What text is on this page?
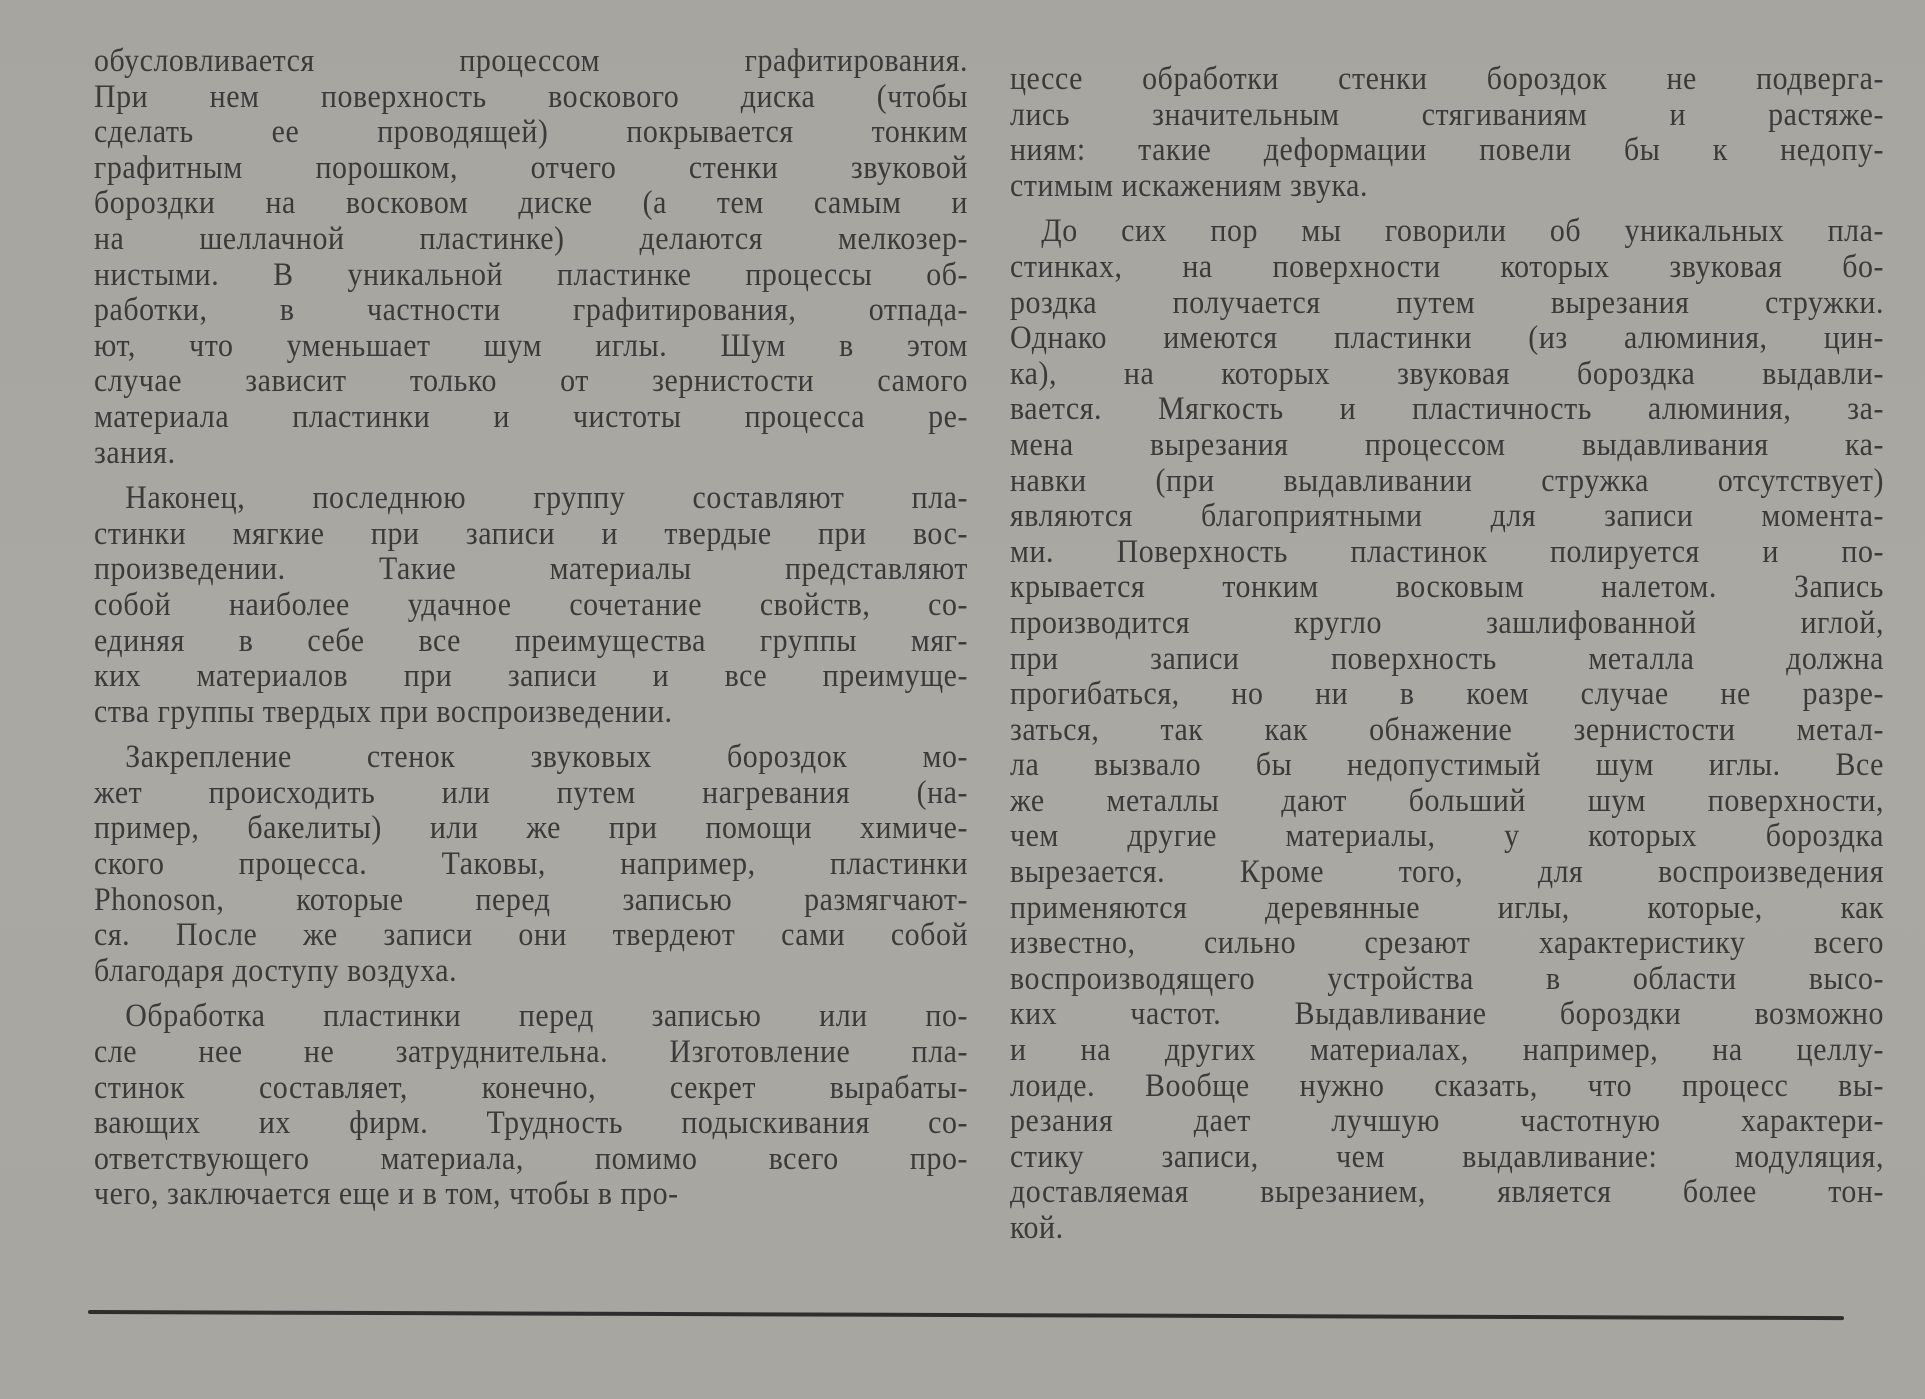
обусловливается процессом графитирования.
При нем поверхность воскового диска (чтобы
сделать ее проводящей) покрывается тонким
графитным порошком, отчего стенки звуковой
бороздки на восковом диске (а тем самым и
на шеллачной пластинке) делаются мелкозер-
нистыми. В уникальной пластинке процессы об-
работки, в частности графитирования, отпада-
ют, что уменьшает шум иглы. Шум в этом
случае зависит только от зернистости самого
материала пластинки и чистоты процесса ре-
зания.
Наконец, последнюю группу составляют пла-
стинки мягкие при записи и твердые при вос-
произведении. Такие материалы представляют
собой наиболее удачное сочетание свойств, со-
единяя в себе все преимущества группы мяг-
ких материалов при записи и все преимуще-
ства группы твердых при воспроизведении.
Закрепление стенок звуковых бороздок мо-
жет происходить или путем нагревания (на-
пример, бакелиты) или же при помощи химиче-
ского процесса. Таковы, например, пластинки
Phonoson, которые перед записью размягчают-
ся. После же записи они твердеют сами собой
благодаря доступу воздуха.
Обработка пластинки перед записью или по-
сле нее не затруднительна. Изготовление пла-
стинок составляет, конечно, секрет вырабаты-
вающих их фирм. Трудность подыскивания со-
ответствующего материала, помимо всего про-
чего, заключается еще и в том, чтобы в про-
цессе обработки стенки бороздок не подверга-
лись значительным стягиваниям и растяже-
ниям: такие деформации повели бы к недопу-
стимым искажениям звука.
До сих пор мы говорили об уникальных пла-
стинках, на поверхности которых звуковая бо-
роздка получается путем вырезания стружки.
Однако имеются пластинки (из алюминия, цин-
ка), на которых звуковая бороздка выдавли-
вается. Мягкость и пластичность алюминия, за-
мена вырезания процессом выдавливания ка-
навки (при выдавливании стружка отсутствует)
являются благоприятными для записи момента-
ми. Поверхность пластинок полируется и по-
крывается тонким восковым налетом. Запись
производится кругло зашлифованной иглой,
при записи поверхность металла должна
прогибаться, но ни в коем случае не разре-
заться, так как обнажение зернистости метал-
ла вызвало бы недопустимый шум иглы. Все
же металлы дают больший шум поверхности,
чем другие материалы, у которых бороздка
вырезается. Кроме того, для воспроизведения
применяются деревянные иглы, которые, как
известно, сильно срезают характеристику всего
воспроизводящего устройства в области высо-
ких частот. Выдавливание бороздки возможно
и на других материалах, например, на целлу-
лоиде. Вообще нужно сказать, что процесс вы-
резания дает лучшую частотную характери-
стику записи, чем выдавливание: модуляция,
доставляемая вырезанием, является более тон-
кой.
